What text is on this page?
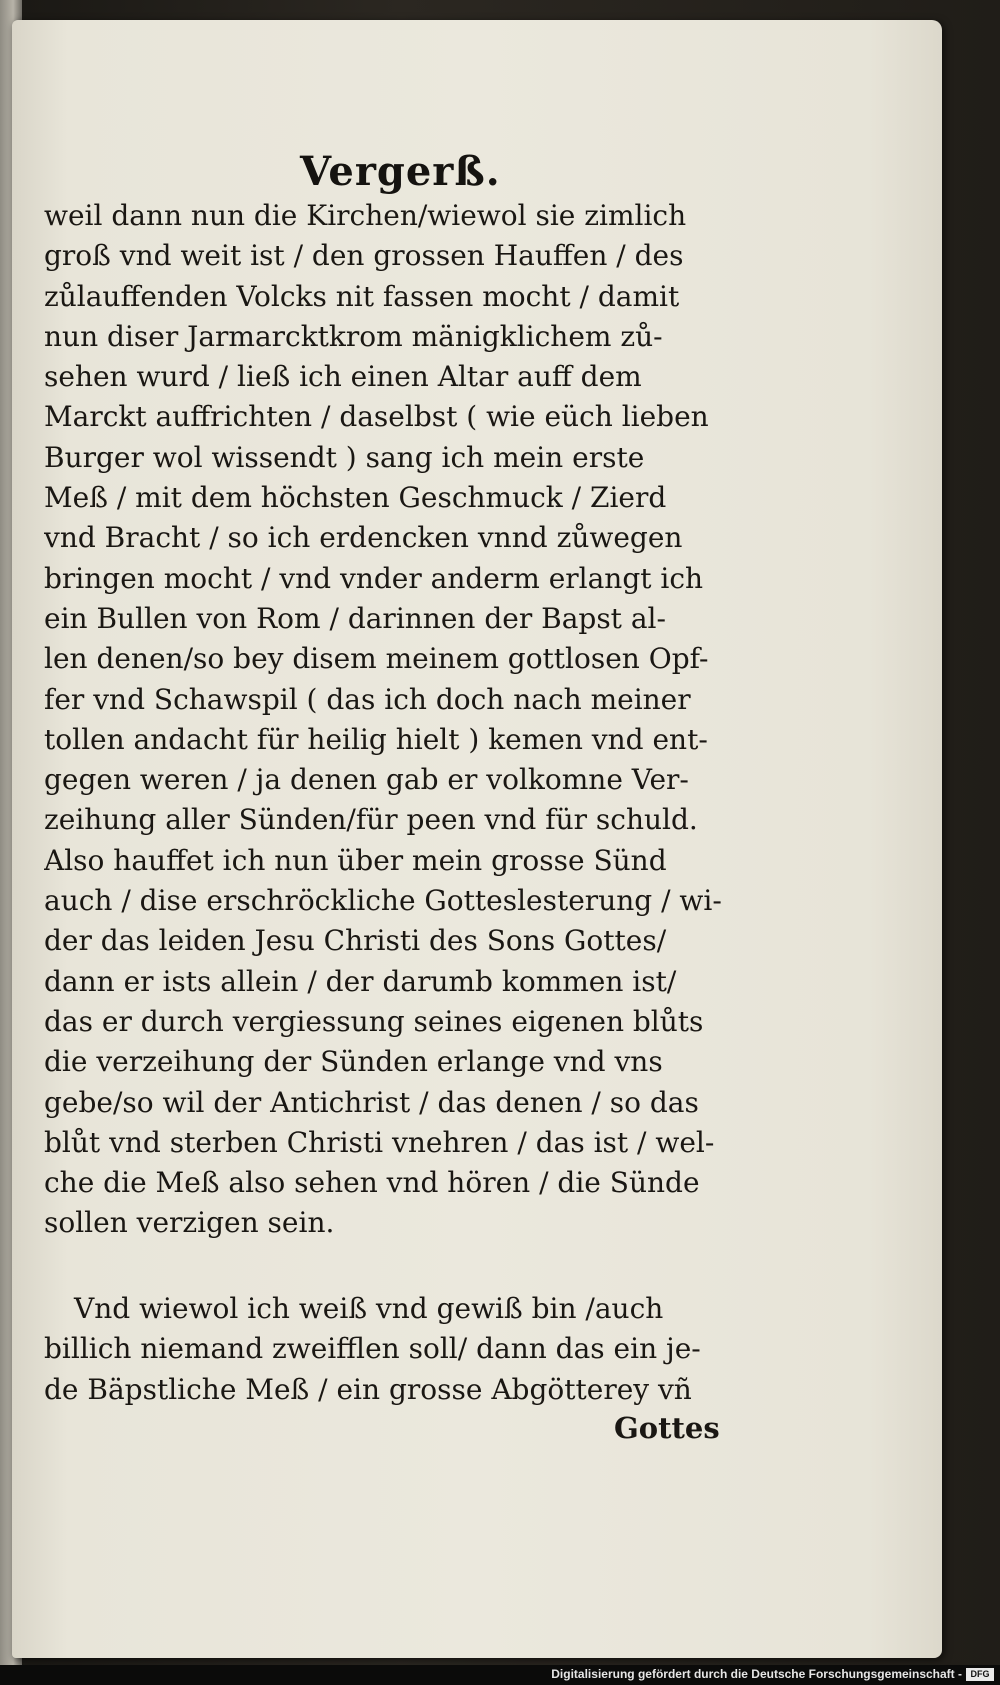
Vergerß.
weil dann nun die Kirchen/wiewol sie zimlich
groß vnd weit ist / den grossen Hauffen / des
zůlauffenden Volcks nit fassen mocht / damit
nun diser Jarmarcktkrom mänigklichem zů-
sehen wurd / ließ ich einen Altar auff dem
Marckt auffrichten / daselbst ( wie eüch lieben
Burger wol wissendt ) sang ich mein erste
Meß / mit dem höchsten Geschmuck / Zierd
vnd Bracht / so ich erdencken vnnd zůwegen
bringen mocht / vnd vnder anderm erlangt ich
ein Bullen von Rom / darinnen der Bapst al-
len denen/so bey disem meinem gottlosen Opf-
fer vnd Schawspil ( das ich doch nach meiner
tollen andacht für heilig hielt ) kemen vnd ent-
gegen weren / ja denen gab er volkomne Ver-
zeihung aller Sünden/für peen vnd für schuld.
Also hauffet ich nun über mein grosse Sünd
auch / dise erschröckliche Gotteslesterung / wi-
der das leiden Jesu Christi des Sons Gottes/
dann er ists allein / der darumb kommen ist/
das er durch vergiessung seines eigenen blůts
die verzeihung der Sünden erlange vnd vns
gebe/so wil der Antichrist / das denen / so das
blůt vnd sterben Christi vnehren / das ist / wel-
che die Meß also sehen vnd hören / die Sünde
sollen verzigen sein.
Vnd wiewol ich weiß vnd gewiß bin /auch
billich niemand zweifflen soll/ dann das ein je-
de Bäpstliche Meß / ein grosse Abgötterey vñ
Gottes
Digitalisierung gefördert durch die Deutsche Forschungsgemeinschaft - DFG
